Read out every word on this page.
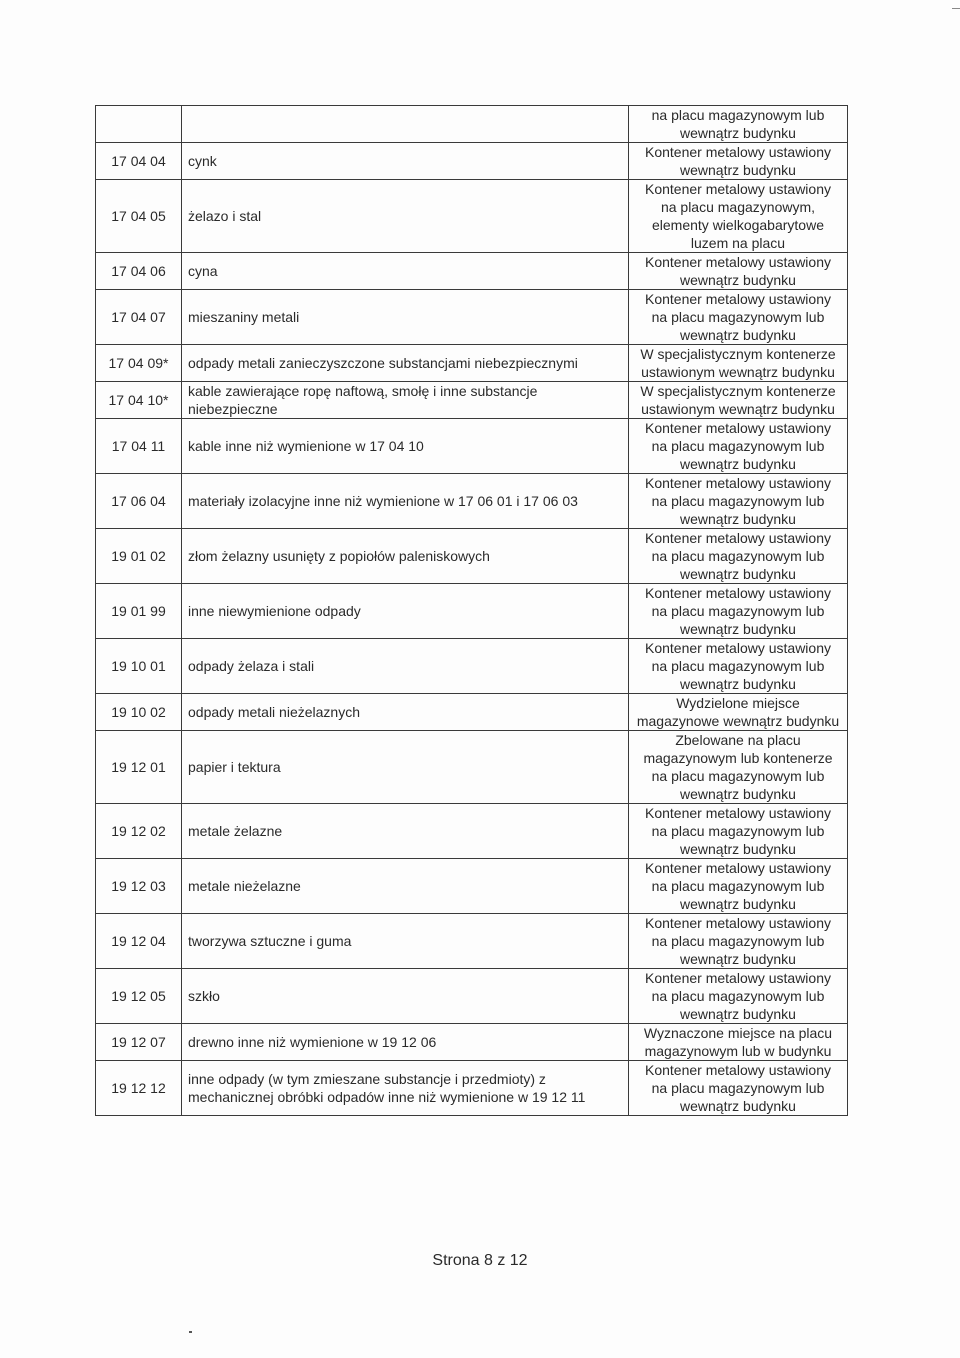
		na placu magazynowym lub
wewnątrz budynku
17 04 04	cynk	Kontener metalowy ustawiony
wewnątrz budynku
17 04 05	żelazo i stal	Kontener metalowy ustawiony
na placu magazynowym,
elementy wielkogabarytowe
luzem na placu
17 04 06	cyna	Kontener metalowy ustawiony
wewnątrz budynku
17 04 07	mieszaniny metali	Kontener metalowy ustawiony
na placu magazynowym lub
wewnątrz budynku
17 04 09*	odpady metali zanieczyszczone substancjami niebezpiecznymi	W specjalistycznym kontenerze
ustawionym wewnątrz budynku
17 04 10*	kable zawierające ropę naftową, smołę i inne substancje
niebezpieczne	W specjalistycznym kontenerze
ustawionym wewnątrz budynku
17 04 11	kable inne niż wymienione w 17 04 10	Kontener metalowy ustawiony
na placu magazynowym lub
wewnątrz budynku
17 06 04	materiały izolacyjne inne niż wymienione w 17 06 01 i 17 06 03	Kontener metalowy ustawiony
na placu magazynowym lub
wewnątrz budynku
19 01 02	złom żelazny usunięty z popiołów paleniskowych	Kontener metalowy ustawiony
na placu magazynowym lub
wewnątrz budynku
19 01 99	inne niewymienione odpady	Kontener metalowy ustawiony
na placu magazynowym lub
wewnątrz budynku
19 10 01	odpady żelaza i stali	Kontener metalowy ustawiony
na placu magazynowym lub
wewnątrz budynku
19 10 02	odpady metali nieżelaznych	Wydzielone miejsce
magazynowe wewnątrz budynku
19 12 01	papier i tektura	Zbelowane na placu
magazynowym lub kontenerze
na placu magazynowym lub
wewnątrz budynku
19 12 02	metale żelazne	Kontener metalowy ustawiony
na placu magazynowym lub
wewnątrz budynku
19 12 03	metale nieżelazne	Kontener metalowy ustawiony
na placu magazynowym lub
wewnątrz budynku
19 12 04	tworzywa sztuczne i guma	Kontener metalowy ustawiony
na placu magazynowym lub
wewnątrz budynku
19 12 05	szkło	Kontener metalowy ustawiony
na placu magazynowym lub
wewnątrz budynku
19 12 07	drewno inne niż wymienione w 19 12 06	Wyznaczone miejsce na placu
magazynowym lub w budynku
19 12 12	inne odpady (w tym zmieszane substancje i przedmioty) z
mechanicznej obróbki odpadów inne niż wymienione w 19 12 11	Kontener metalowy ustawiony
na placu magazynowym lub
wewnątrz budynku
Strona 8 z 12
